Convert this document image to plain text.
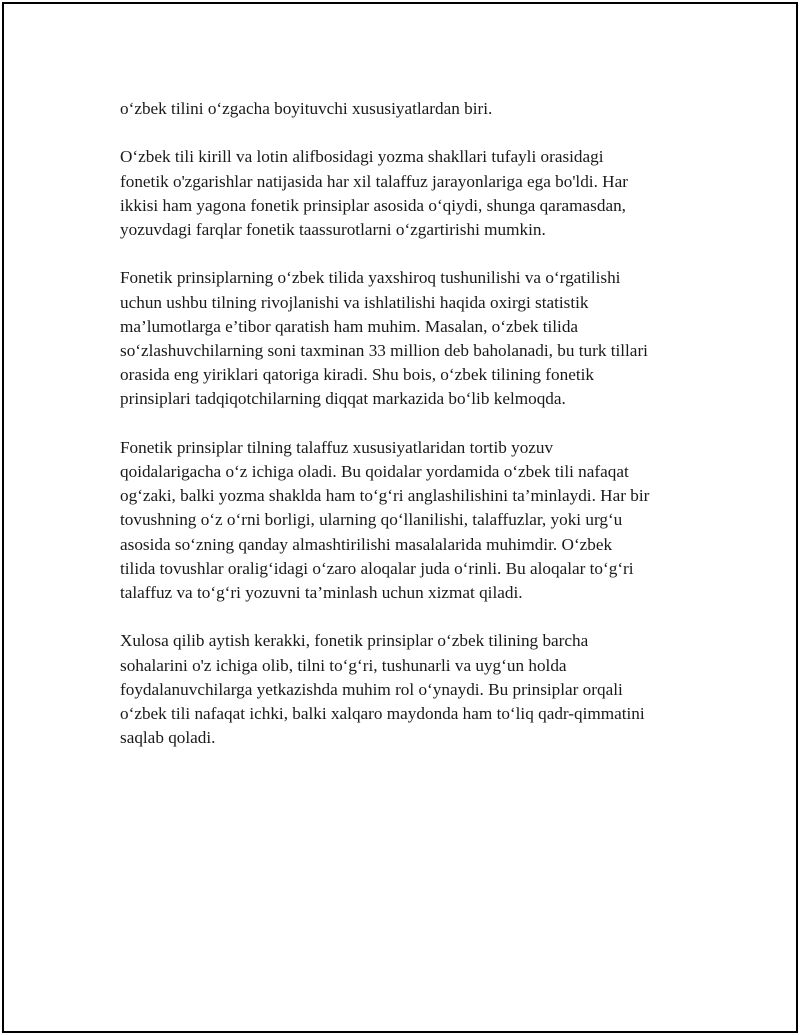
o‘zbek tilini o‘zgacha boyituvchi xususiyatlardan biri.

O‘zbek tili kirill va lotin alifbosidagi yozma shakllari tufayli orasidagi
fonetik o'zgarishlar natijasida har xil talaffuz jarayonlariga ega bo'ldi. Har
ikkisi ham yagona fonetik prinsiplar asosida o‘qiydi, shunga qaramasdan,
yozuvdagi farqlar fonetik taassurotlarni o‘zgartirishi mumkin.

Fonetik prinsiplarning o‘zbek tilida yaxshiroq tushunilishi va o‘rgatilishi
uchun ushbu tilning rivojlanishi va ishlatilishi haqida oxirgi statistik
ma’lumotlarga e’tibor qaratish ham muhim. Masalan, o‘zbek tilida
so‘zlashuvchilarning soni taxminan 33 million deb baholanadi, bu turk tillari
orasida eng yiriklari qatoriga kiradi. Shu bois, o‘zbek tilining fonetik
prinsiplari tadqiqotchilarning diqqat markazida bo‘lib kelmoqda.

Fonetik prinsiplar tilning talaffuz xususiyatlaridan tortib yozuv
qoidalarigacha o‘z ichiga oladi. Bu qoidalar yordamida o‘zbek tili nafaqat
og‘zaki, balki yozma shaklda ham to‘g‘ri anglashilishini ta’minlaydi. Har bir
tovushning o‘z o‘rni borligi, ularning qo‘llanilishi, talaffuzlar, yoki urg‘u
asosida so‘zning qanday almashtirilishi masalalarida muhimdir. O‘zbek
tilida tovushlar oralig‘idagi o‘zaro aloqalar juda o‘rinli. Bu aloqalar to‘g‘ri
talaffuz va to‘g‘ri yozuvni ta’minlash uchun xizmat qiladi.

Xulosa qilib aytish kerakki, fonetik prinsiplar o‘zbek tilining barcha
sohalarini o'z ichiga olib, tilni to‘g‘ri, tushunarli va uyg‘un holda
foydalanuvchilarga yetkazishda muhim rol o‘ynaydi. Bu prinsiplar orqali
o‘zbek tili nafaqat ichki, balki xalqaro maydonda ham to‘liq qadr-qimmatini
saqlab qoladi.
